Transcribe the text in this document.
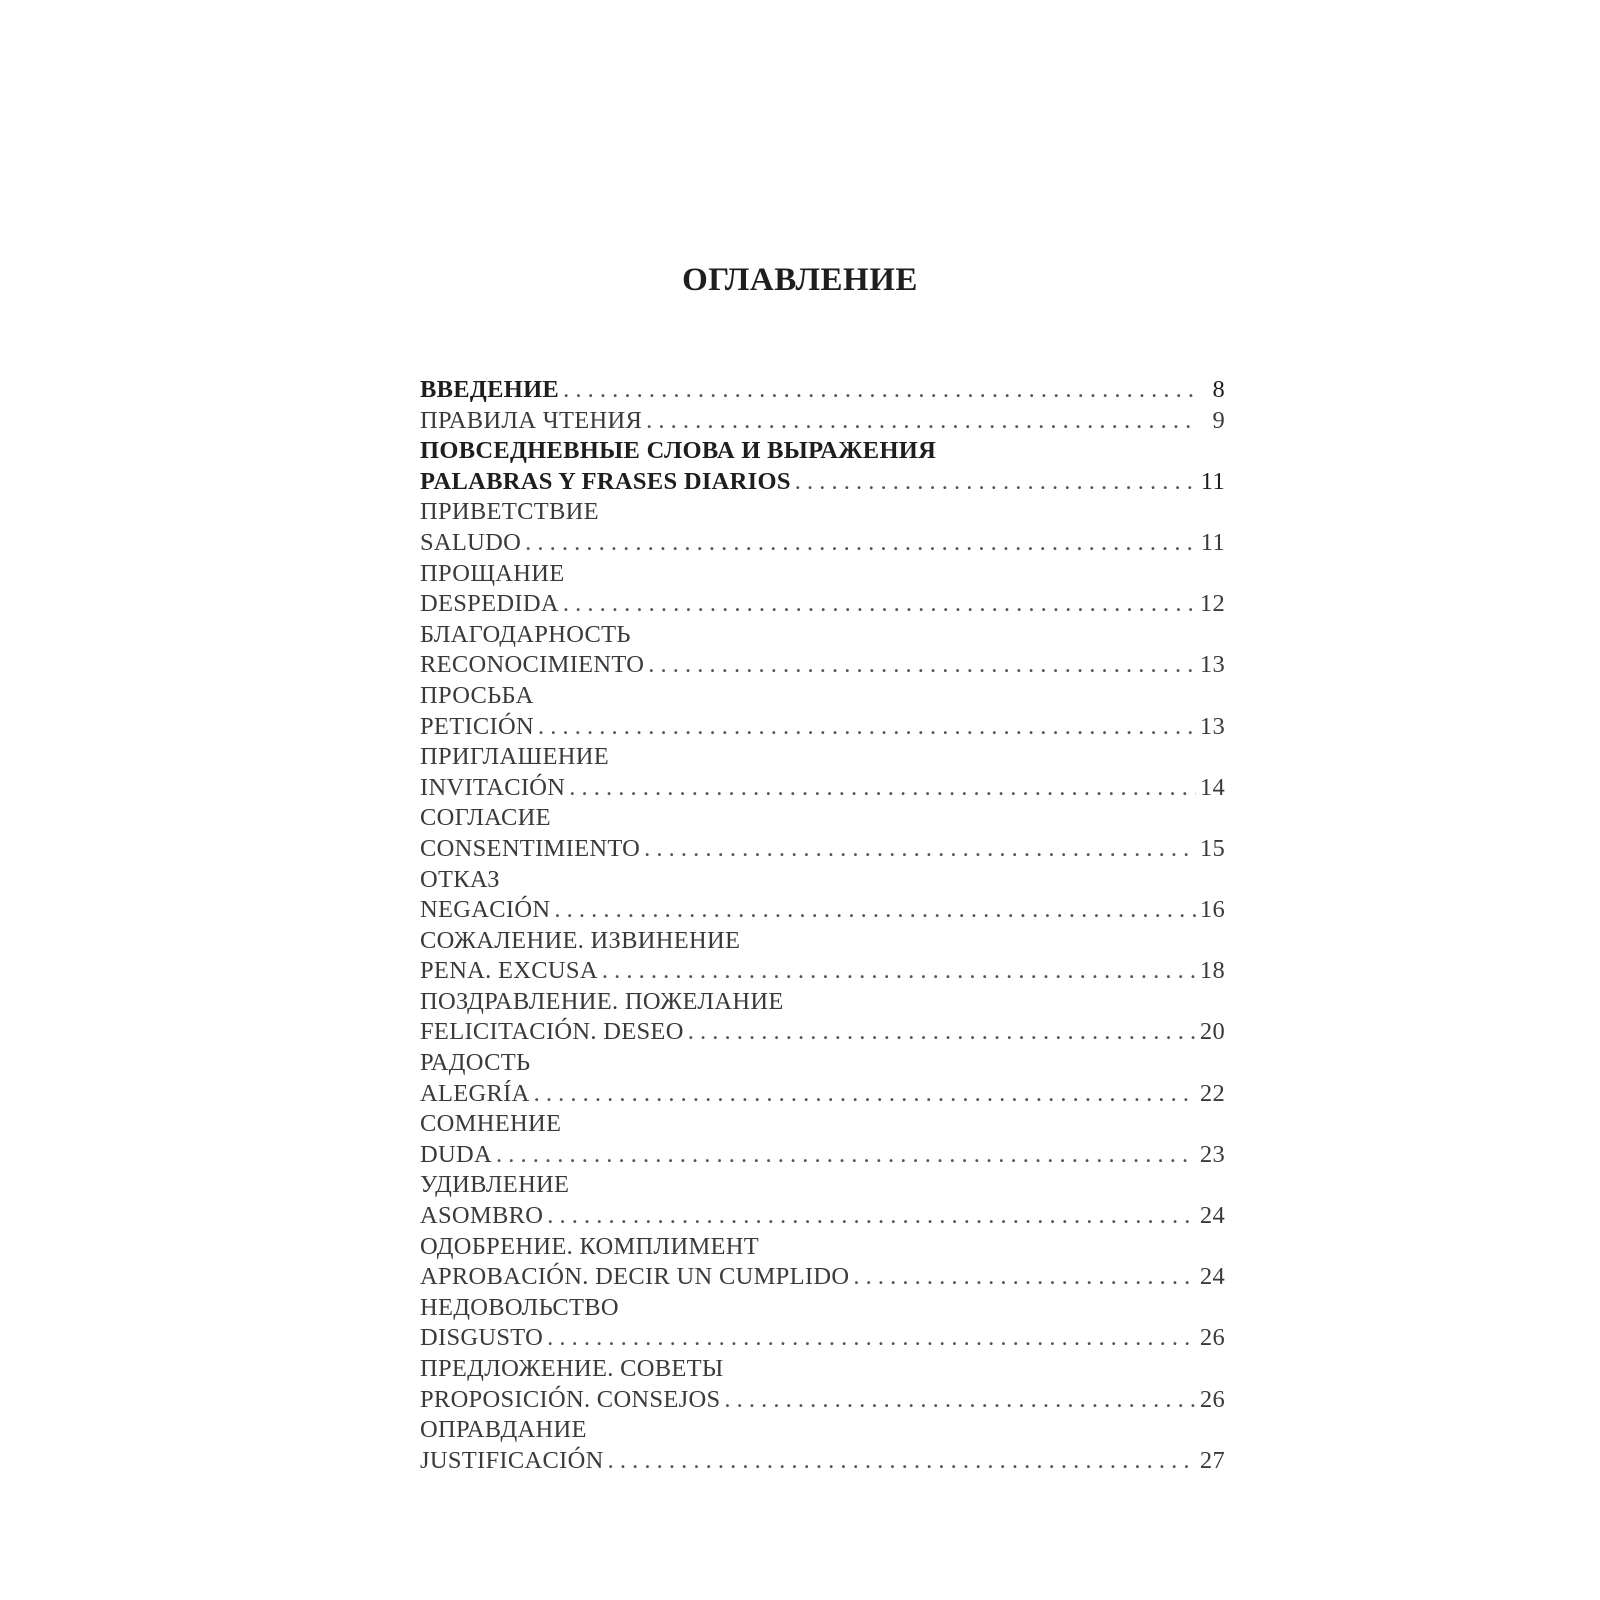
ОГЛАВЛЕНИЕ
ВВЕДЕНИЕ . . .	8
ПРАВИЛА ЧТЕНИЯ . . .	9
ПОВСЕДНЕВНЫЕ СЛОВА И ВЫРАЖЕНИЯ
PALABRAS Y FRASES DIARIOS . . .	11
ПРИВЕТСТВИЕ
SALUDO . . .	11
ПРОЩАНИЕ
DESPEDIDA . . .	12
БЛАГОДАРНОСТЬ
RECONOCIMIENTO . . .	13
ПРОСЬБА
PETICIÓN . . .	13
ПРИГЛАШЕНИЕ
INVITACIÓN . . .	14
СОГЛАСИЕ
CONSENTIMIENTO . . .	15
ОТКАЗ
NEGACIÓN . . .	16
СОЖАЛЕНИЕ. ИЗВИНЕНИЕ
PENA. EXCUSA . . .	18
ПОЗДРАВЛЕНИЕ. ПОЖЕЛАНИЕ
FELICITACIÓN. DESEO . . .	20
РАДОСТЬ
ALEGRÍA . . .	22
СОМНЕНИЕ
DUDA . . .	23
УДИВЛЕНИЕ
ASOMBRO . . .	24
ОДОБРЕНИЕ. КОМПЛИМЕНТ
APROBACIÓN. DECIR UN CUMPLIDO . . .	24
НЕДОВОЛЬСТВО
DISGUSTO . . .	26
ПРЕДЛОЖЕНИЕ. СОВЕТЫ
PROPOSICIÓN. CONSEJOS . . .	26
ОПРАВДАНИЕ
JUSTIFICACIÓN . . .	27
